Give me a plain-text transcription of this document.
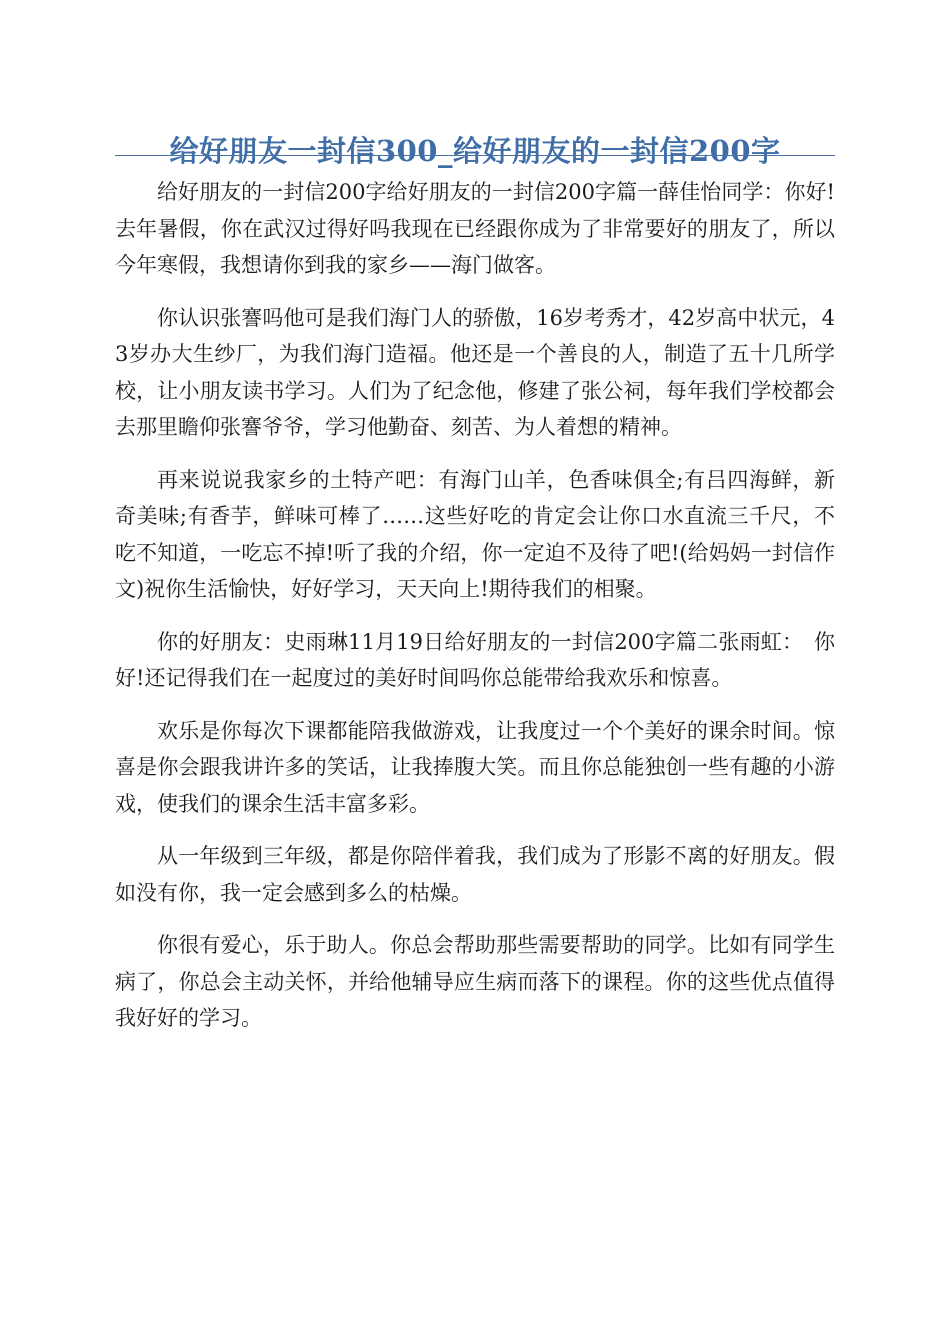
给好朋友一封信300_给好朋友的一封信200字

给好朋友的一封信200字给好朋友的一封信200字篇一薛佳怡同学：你好!去年暑假，你在武汉过得好吗我现在已经跟你成为了非常要好的朋友了，所以今年寒假，我想请你到我的家乡——海门做客。

你认识张謇吗他可是我们海门人的骄傲，16岁考秀才，42岁高中状元，43岁办大生纱厂，为我们海门造福。他还是一个善良的人，制造了五十几所学校，让小朋友读书学习。人们为了纪念他，修建了张公祠，每年我们学校都会去那里瞻仰张謇爷爷，学习他勤奋、刻苦、为人着想的精神。

再来说说我家乡的土特产吧：有海门山羊，色香味俱全;有吕四海鲜，新奇美味;有香芋，鲜味可棒了……这些好吃的肯定会让你口水直流三千尺，不吃不知道，一吃忘不掉!听了我的介绍，你一定迫不及待了吧!(给妈妈一封信作文)祝你生活愉快，好好学习，天天向上!期待我们的相聚。

你的好朋友：史雨琳11月19日给好朋友的一封信200字篇二张雨虹：　你好!还记得我们在一起度过的美好时间吗你总能带给我欢乐和惊喜。

欢乐是你每次下课都能陪我做游戏，让我度过一个个美好的课余时间。惊喜是你会跟我讲许多的笑话，让我捧腹大笑。而且你总能独创一些有趣的小游戏，使我们的课余生活丰富多彩。

从一年级到三年级，都是你陪伴着我，我们成为了形影不离的好朋友。假如没有你，我一定会感到多么的枯燥。

你很有爱心，乐于助人。你总会帮助那些需要帮助的同学。比如有同学生病了，你总会主动关怀，并给他辅导应生病而落下的课程。你的这些优点值得我好好的学习。
